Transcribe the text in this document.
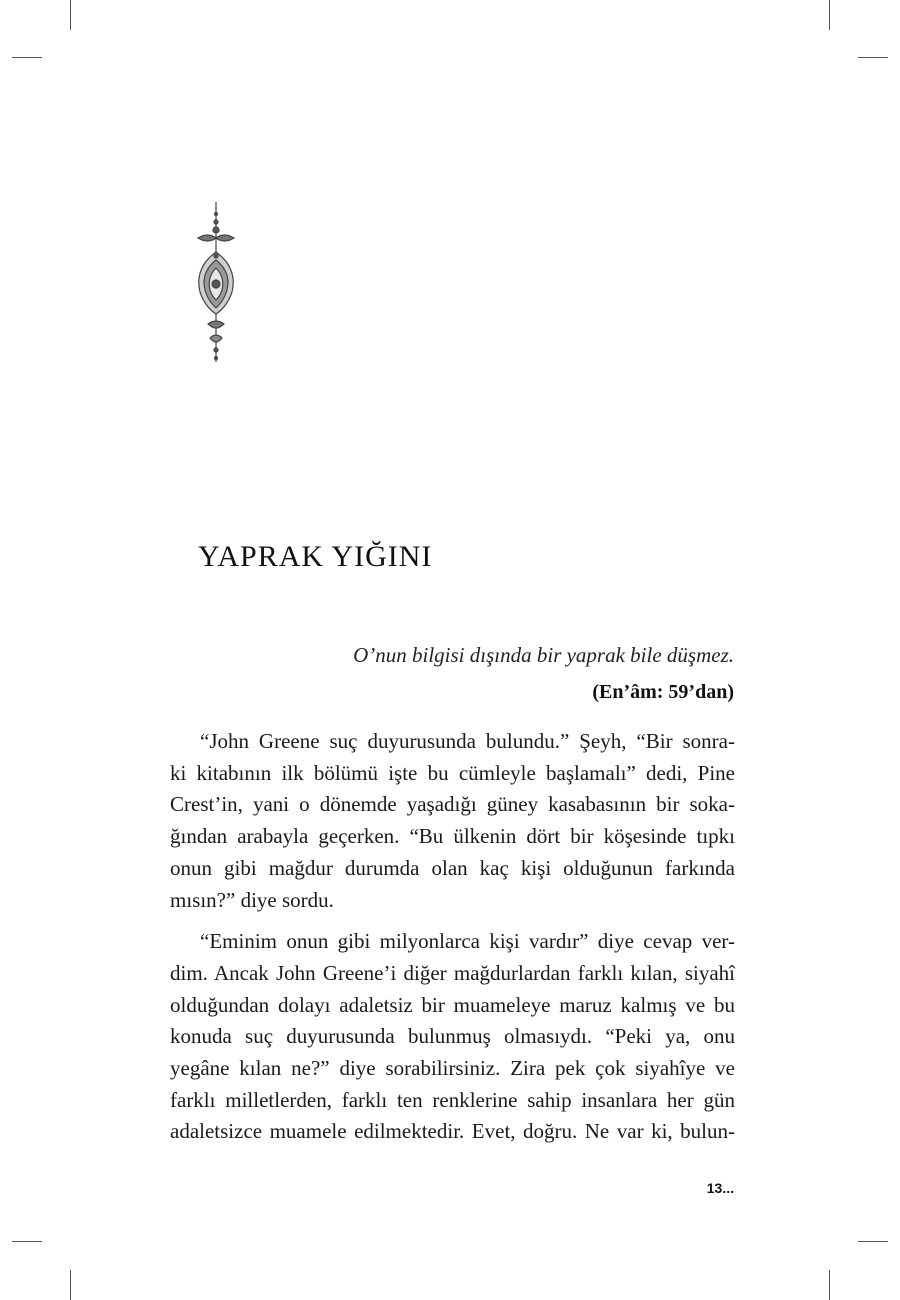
YAPRAK YIĞINI
O’nun bilgisi dışında bir yaprak bile düşmez.
(En’âm: 59’dan)

“John Greene suç duyurusunda bulundu.” Şeyh, “Bir sonra-
ki kitabının ilk bölümü işte bu cümleyle başlamalı” dedi, Pine
Crest’in, yani o dönemde yaşadığı güney kasabasının bir soka-
ğından arabayla geçerken. “Bu ülkenin dört bir köşesinde tıpkı
onun gibi mağdur durumda olan kaç kişi olduğunun farkında
mısın?” diye sordu.

“Eminim onun gibi milyonlarca kişi vardır” diye cevap ver-
dim. Ancak John Greene’i diğer mağdurlardan farklı kılan, siyahî
olduğundan dolayı adaletsiz bir muameleye maruz kalmış ve bu
konuda suç duyurusunda bulunmuş olmasıydı. “Peki ya, onu
yegâne kılan ne?” diye sorabilirsiniz. Zira pek çok siyahîye ve
farklı milletlerden, farklı ten renklerine sahip insanlara her gün
adaletsizce muamele edilmektedir. Evet, doğru. Ne var ki, bulun-

13...
